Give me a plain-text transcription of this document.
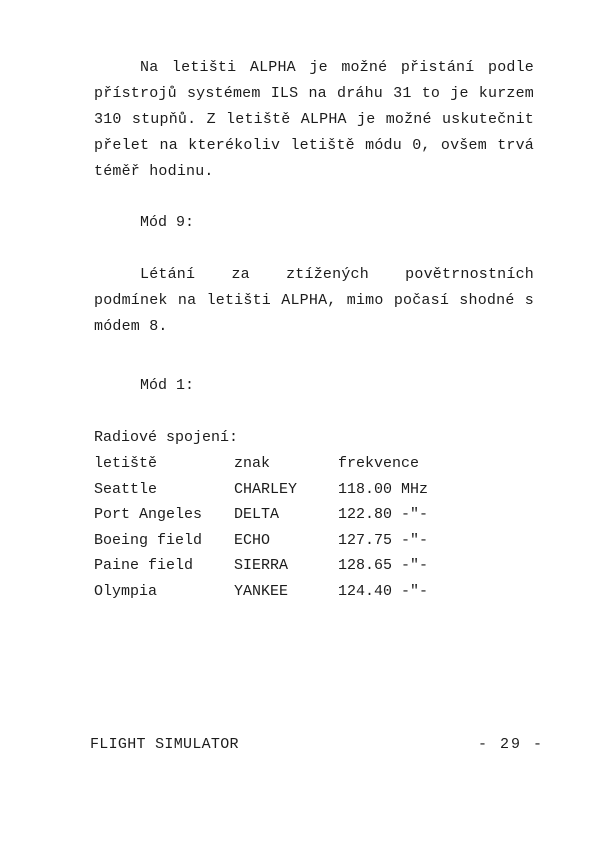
Na letišti ALPHA je možné přistání podle přístrojů systémem ILS na dráhu 31 to je kurzem 310 stupňů. Z letiště ALPHA je možné uskutečnit přelet na kterékoliv letiště módu 0, ovšem trvá téměř hodinu.
Mód 9:
Létání za ztížených povětrnostních podmínek na letišti ALPHA, mimo počasí shodné s módem 8.
Mód 1:
Radiové spojení:
letiště	znak	frekvence
Seattle	CHARLEY	118.00 MHz
Port Angeles	DELTA	122.80 -"-
Boeing field	ECHO	127.75 -"-
Paine field	SIERRA	128.65 -"-
Olympia	YANKEE	124.40 -"-
FLIGHT SIMULATOR	- 29 -
